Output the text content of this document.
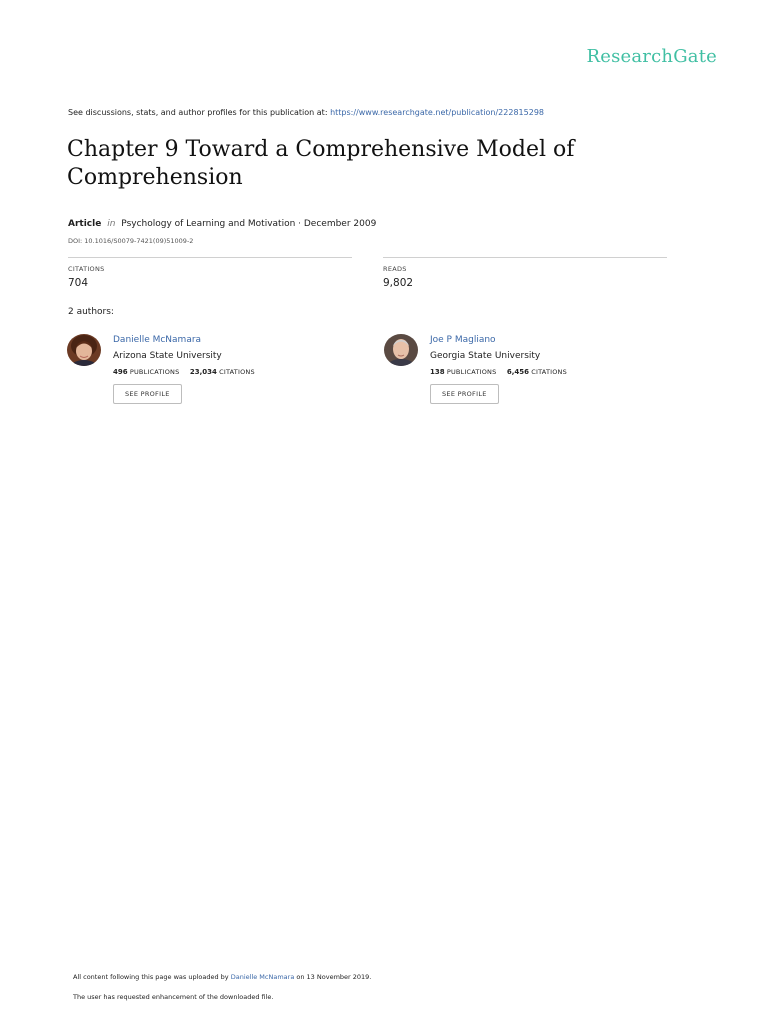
ResearchGate
See discussions, stats, and author profiles for this publication at: https://www.researchgate.net/publication/222815298
Chapter 9 Toward a Comprehensive Model of Comprehension
Article in Psychology of Learning and Motivation · December 2009
DOI: 10.1016/S0079-7421(09)51009-2
CITATIONS
704
READS
9,802
2 authors:
Danielle McNamara
Arizona State University
496 PUBLICATIONS 23,034 CITATIONS
SEE PROFILE
Joe P Magliano
Georgia State University
138 PUBLICATIONS 6,456 CITATIONS
SEE PROFILE
All content following this page was uploaded by Danielle McNamara on 13 November 2019.
The user has requested enhancement of the downloaded file.
